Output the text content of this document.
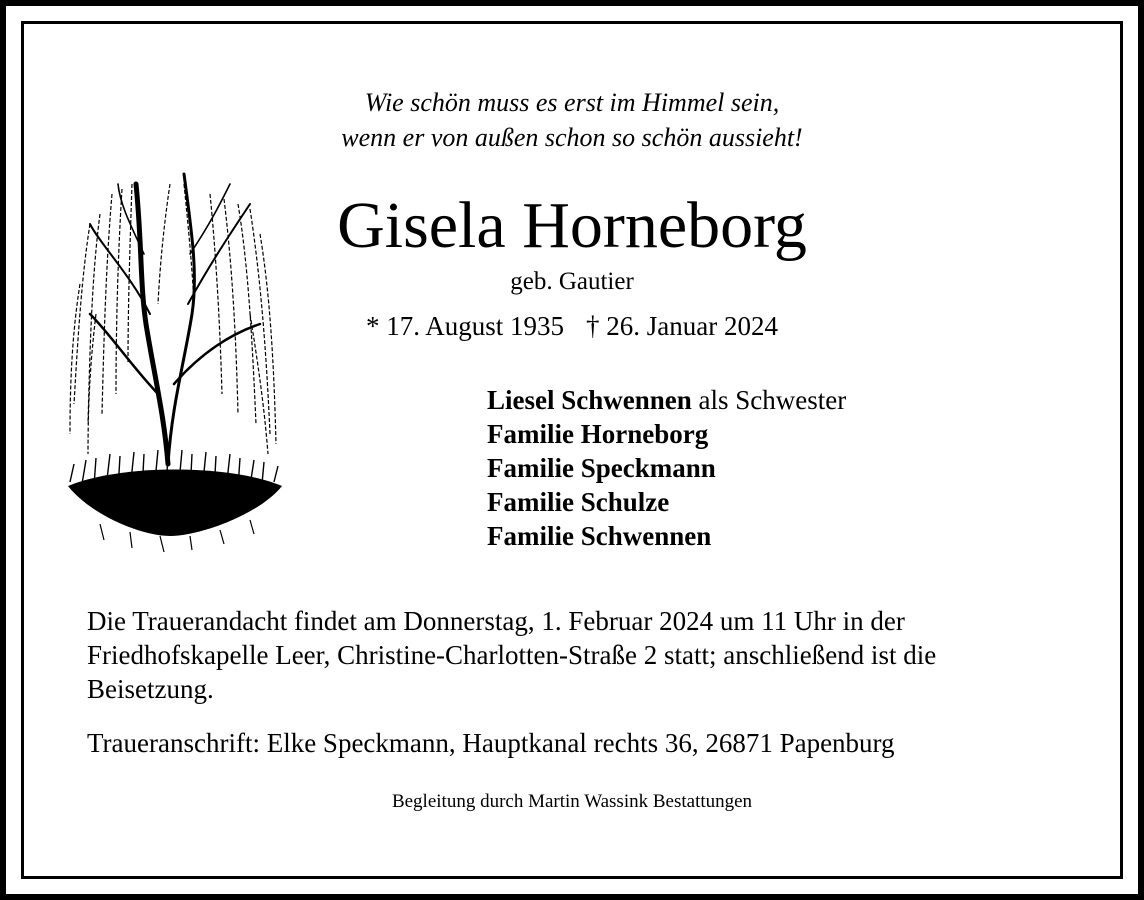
Wie schön muss es erst im Himmel sein,
wenn er von außen schon so schön aussieht!
Gisela Horneborg
geb. Gautier
* 17. August 1935 † 26. Januar 2024
Liesel Schwennen als Schwester
Familie Horneborg
Familie Speckmann
Familie Schulze
Familie Schwennen
Die Trauerandacht findet am Donnerstag, 1. Februar 2024 um 11 Uhr in der Friedhofskapelle Leer, Christine-Charlotten-Straße 2 statt; anschließend ist die Beisetzung.
Traueranschrift: Elke Speckmann, Hauptkanal rechts 36, 26871 Papenburg
Begleitung durch Martin Wassink Bestattungen
